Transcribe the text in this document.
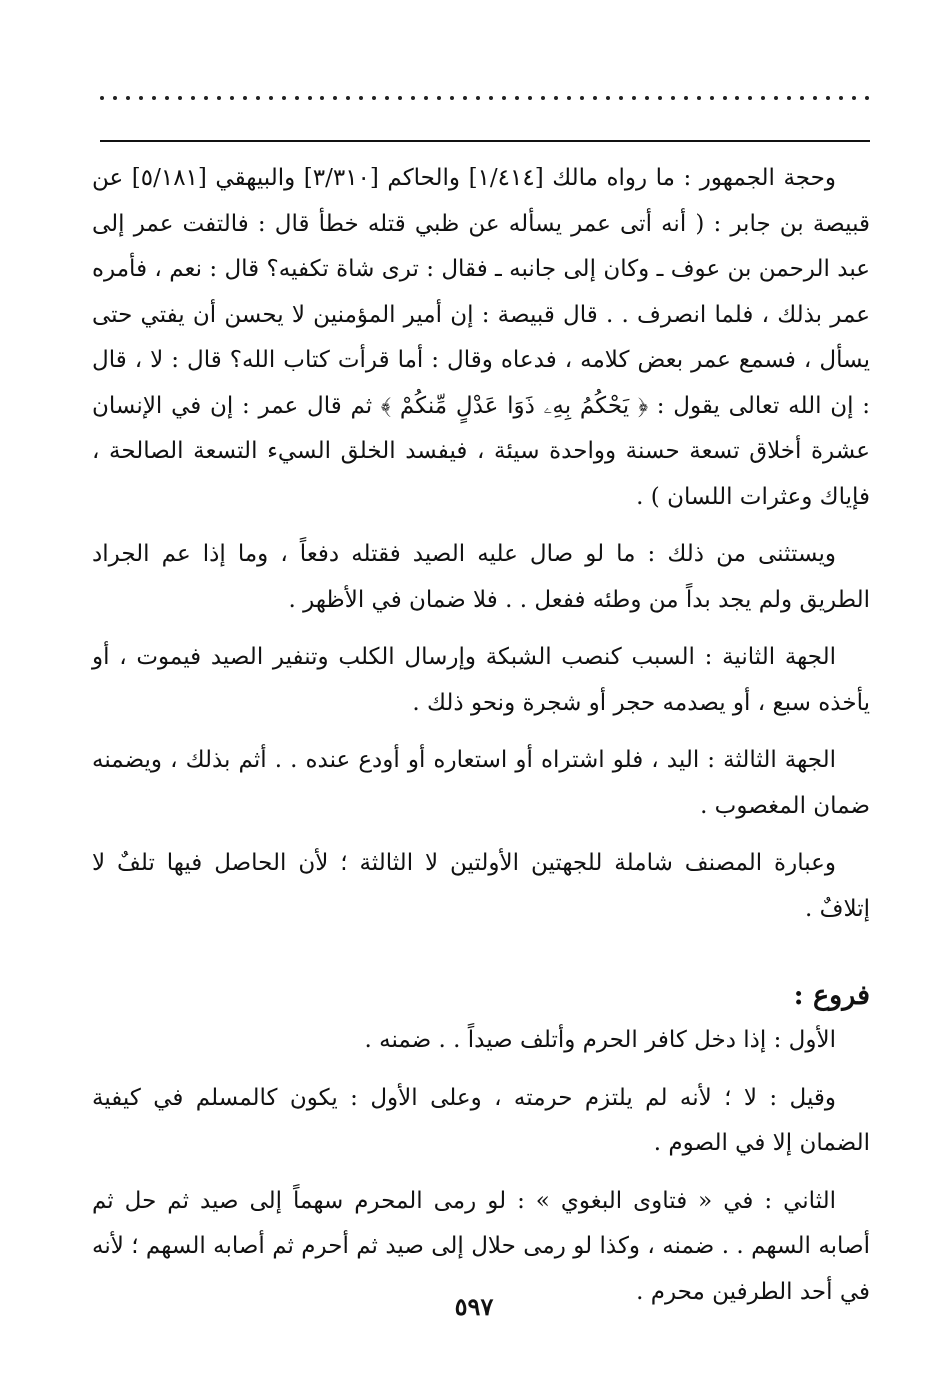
وحجة الجمهور : ما رواه مالك [١/٤١٤] والحاكم [٣/٣١٠] والبيهقي [٥/١٨١] عن قبيصة بن جابر : ( أنه أتى عمر يسأله عن ظبي قتله خطأ قال : فالتفت عمر إلى عبد الرحمن بن عوف ـ وكان إلى جانبه ـ فقال : ترى شاة تكفيه؟ قال : نعم ، فأمره عمر بذلك ، فلما انصرف . . قال قبيصة : إن أمير المؤمنين لا يحسن أن يفتي حتى يسأل ، فسمع عمر بعض كلامه ، فدعاه وقال : أما قرأت كتاب الله؟ قال : لا ، قال : إن الله تعالى يقول : ﴿ يَحْكُمُ بِهِۦ ذَوَا عَدْلٍ مِّنكُمْ ﴾ ثم قال عمر : إن في الإنسان عشرة أخلاق تسعة حسنة وواحدة سيئة ، فيفسد الخلق السيء التسعة الصالحة ، فإياك وعثرات اللسان ) .

ويستثنى من ذلك : ما لو صال عليه الصيد فقتله دفعاً ، وما إذا عم الجراد الطريق ولم يجد بداً من وطئه ففعل . . فلا ضمان في الأظهر .

الجهة الثانية : السبب كنصب الشبكة وإرسال الكلب وتنفير الصيد فيموت ، أو يأخذه سبع ، أو يصدمه حجر أو شجرة ونحو ذلك .

الجهة الثالثة : اليد ، فلو اشتراه أو استعاره أو أودع عنده . . أثم بذلك ، ويضمنه ضمان المغصوب .

وعبارة المصنف شاملة للجهتين الأولتين لا الثالثة ؛ لأن الحاصل فيها تلفٌ لا إتلافٌ .

فروع :

الأول : إذا دخل كافر الحرم وأتلف صيداً . . ضمنه .

وقيل : لا ؛ لأنه لم يلتزم حرمته ، وعلى الأول : يكون كالمسلم في كيفية الضمان إلا في الصوم .

الثاني : في « فتاوى البغوي » : لو رمى المحرم سهماً إلى صيد ثم حل ثم أصابه السهم . . ضمنه ، وكذا لو رمى حلال إلى صيد ثم أحرم ثم أصابه السهم ؛ لأنه في أحد الطرفين محرم .

٥٩٧
